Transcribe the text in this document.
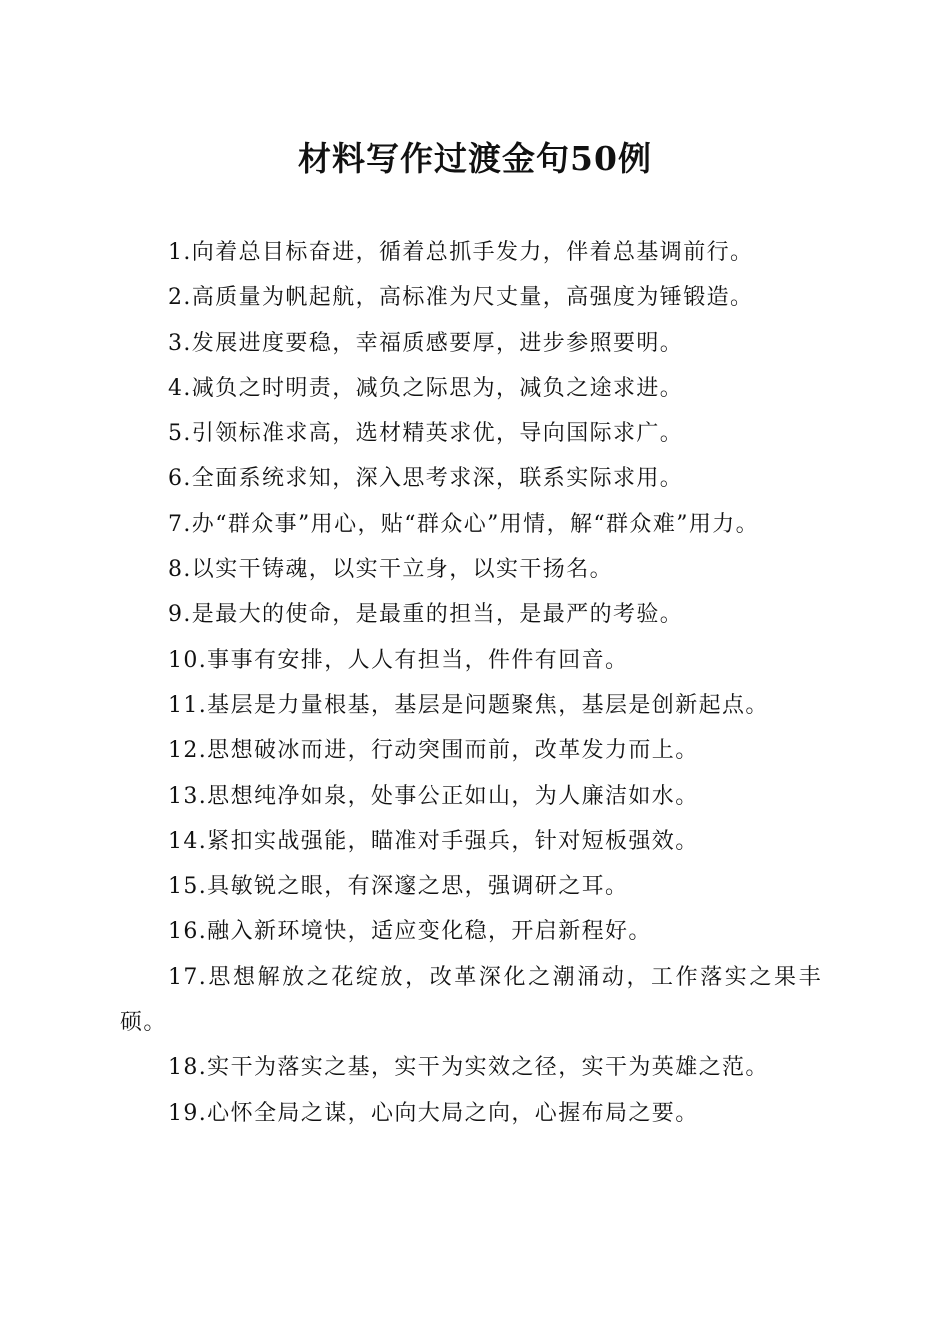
材料写作过渡金句50例
1.向着总目标奋进，循着总抓手发力，伴着总基调前行。
2.高质量为帆起航，高标准为尺丈量，高强度为锤锻造。
3.发展进度要稳，幸福质感要厚，进步参照要明。
4.减负之时明责，减负之际思为，减负之途求进。
5.引领标准求高，选材精英求优，导向国际求广。
6.全面系统求知，深入思考求深，联系实际求用。
7.办“群众事”用心，贴“群众心”用情，解“群众难”用力。
8.以实干铸魂，以实干立身，以实干扬名。
9.是最大的使命，是最重的担当，是最严的考验。
10.事事有安排，人人有担当，件件有回音。
11.基层是力量根基，基层是问题聚焦，基层是创新起点。
12.思想破冰而进，行动突围而前，改革发力而上。
13.思想纯净如泉，处事公正如山，为人廉洁如水。
14.紧扣实战强能，瞄准对手强兵，针对短板强效。
15.具敏锐之眼，有深邃之思，强调研之耳。
16.融入新环境快，适应变化稳，开启新程好。
17.思想解放之花绽放，改革深化之潮涌动，工作落实之果丰硕。
18.实干为落实之基，实干为实效之径，实干为英雄之范。
19.心怀全局之谋，心向大局之向，心握布局之要。
